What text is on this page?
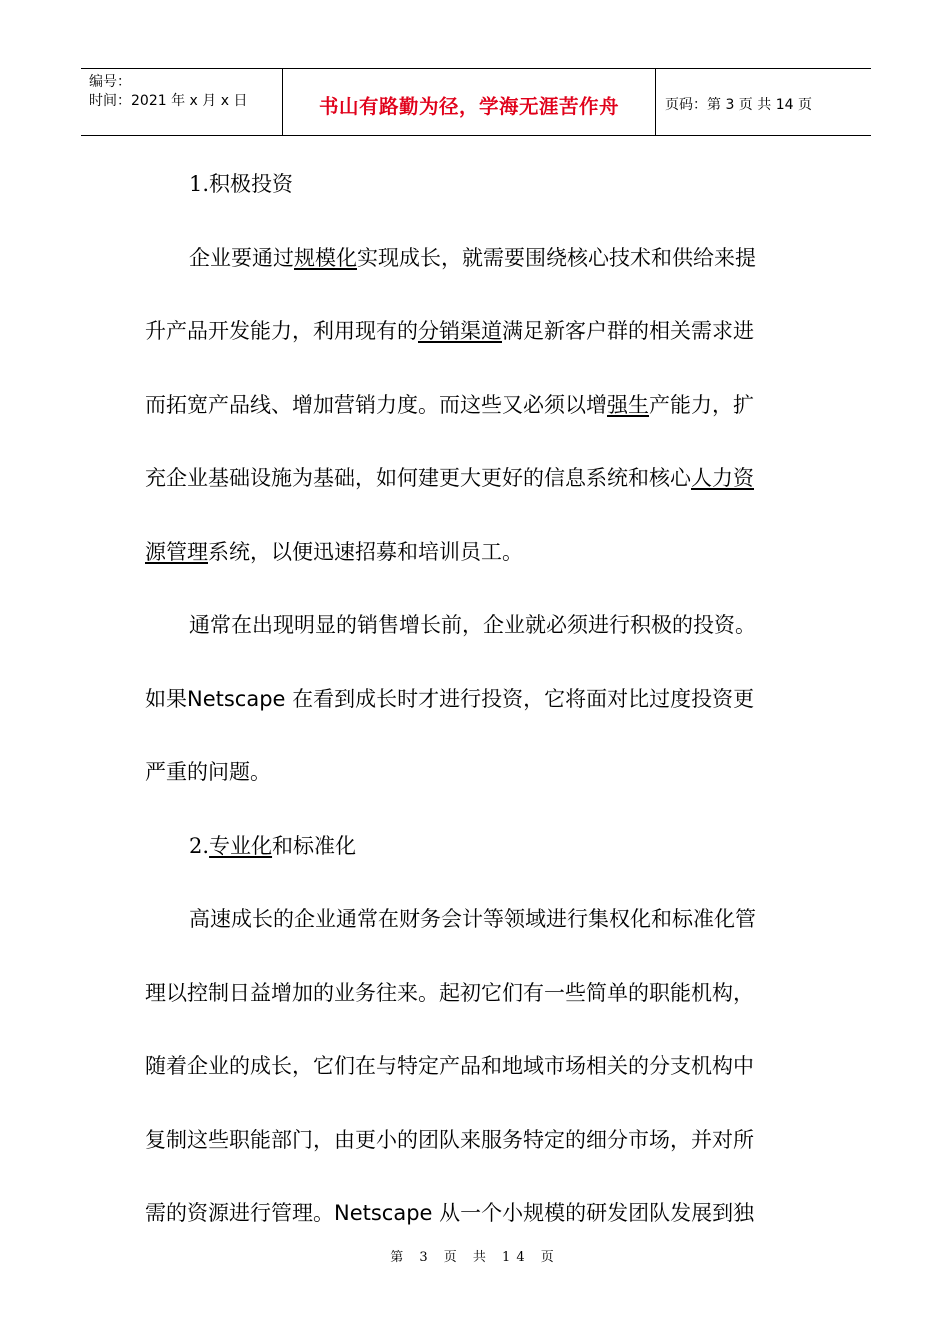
编号：
时间：2021 年 x 月 x 日	书山有路勤为径，学海无涯苦作舟	页码：第 3 页 共 14 页
1.积极投资
企业要通过规模化实现成长，就需要围绕核心技术和供给来提
升产品开发能力，利用现有的分销渠道满足新客户群的相关需求进
而拓宽产品线、增加营销力度。而这些又必须以增强生产能力，扩
充企业基础设施为基础，如何建更大更好的信息系统和核心人力资
源管理系统，以便迅速招募和培训员工。
通常在出现明显的销售增长前，企业就必须进行积极的投资。
如果Netscape 在看到成长时才进行投资，它将面对比过度投资更
严重的问题。
2.专业化和标准化
高速成长的企业通常在财务会计等领域进行集权化和标准化管
理以控制日益增加的业务往来。起初它们有一些简单的职能机构，
随着企业的成长，它们在与特定产品和地域市场相关的分支机构中
复制这些职能部门，由更小的团队来服务特定的细分市场，并对所
需的资源进行管理。Netscape 从一个小规模的研发团队发展到独
第 3 页 共 14 页
